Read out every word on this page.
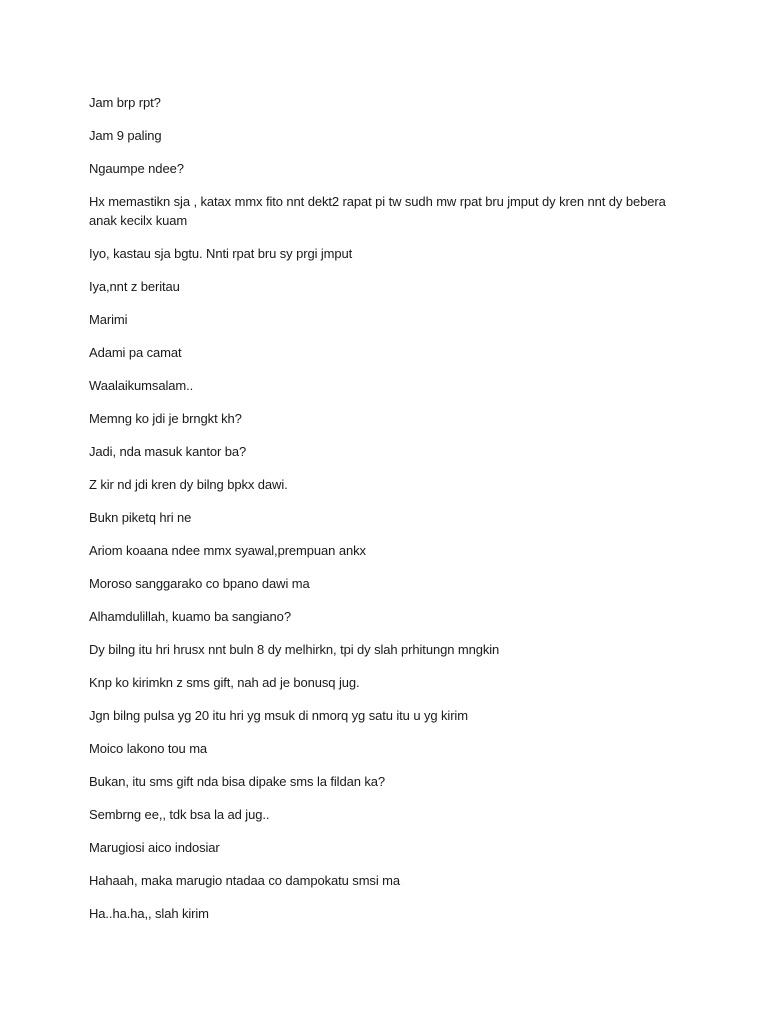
Jam brp rpt?

Jam 9 paling

Ngaumpe ndee?

Hx memastikn sja , katax mmx fito nnt dekt2 rapat pi tw sudh mw rpat bru jmput dy kren nnt dy bebera anak kecilx kuam

Iyo, kastau sja bgtu. Nnti rpat bru sy prgi jmput

Iya,nnt z beritau

Marimi

Adami pa camat

Waalaikumsalam..

Memng ko jdi je brngkt kh?

Jadi, nda masuk kantor ba?

Z kir nd jdi kren dy bilng bpkx dawi.

Bukn piketq hri ne

Ariom koaana ndee mmx syawal,prempuan ankx

Moroso sanggarako co bpano dawi ma

Alhamdulillah, kuamo ba sangiano?

Dy bilng itu hri hrusx nnt buln 8 dy melhirkn, tpi dy slah prhitungn mngkin

Knp ko kirimkn z sms gift, nah ad je bonusq jug.

Jgn bilng pulsa yg 20 itu hri yg msuk di nmorq yg satu itu u yg kirim

Moico lakono tou ma

Bukan, itu sms gift nda bisa dipake sms la fildan ka?

Sembrng ee,, tdk bsa la ad jug..

Marugiosi aico indosiar

Hahaah, maka marugio ntadaa co dampokatu smsi ma

Ha..ha.ha,, slah kirim
